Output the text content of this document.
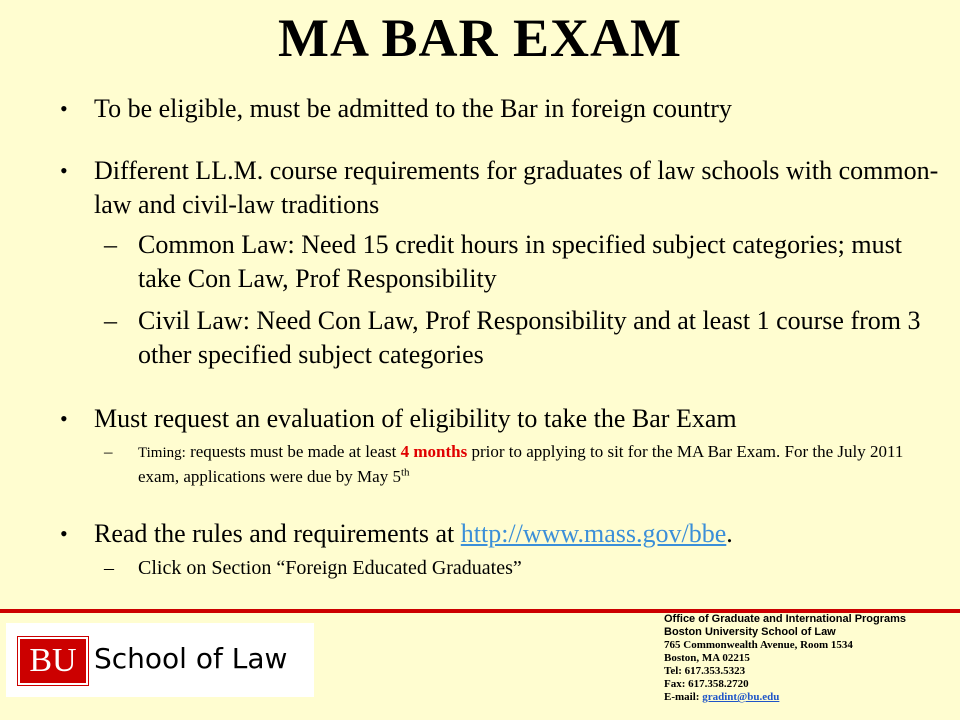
MA BAR EXAM
• To be eligible, must be admitted to the Bar in foreign country
• Different LL.M. course requirements for graduates of law schools with common-law and civil-law traditions
– Common Law: Need 15 credit hours in specified subject categories; must take Con Law, Prof Responsibility
– Civil Law: Need Con Law, Prof Responsibility and at least 1 course from 3 other specified subject categories
• Must request an evaluation of eligibility to take the Bar Exam
– Timing: requests must be made at least 4 months prior to applying to sit for the MA Bar Exam. For the July 2011 exam, applications were due by May 5th
• Read the rules and requirements at http://www.mass.gov/bbe.
– Click on Section “Foreign Educated Graduates”
BU School of Law
Office of Graduate and International Programs
Boston University School of Law
765 Commonwealth Avenue, Room 1534
Boston, MA 02215
Tel: 617.353.5323
Fax: 617.358.2720
E-mail: gradint@bu.edu
